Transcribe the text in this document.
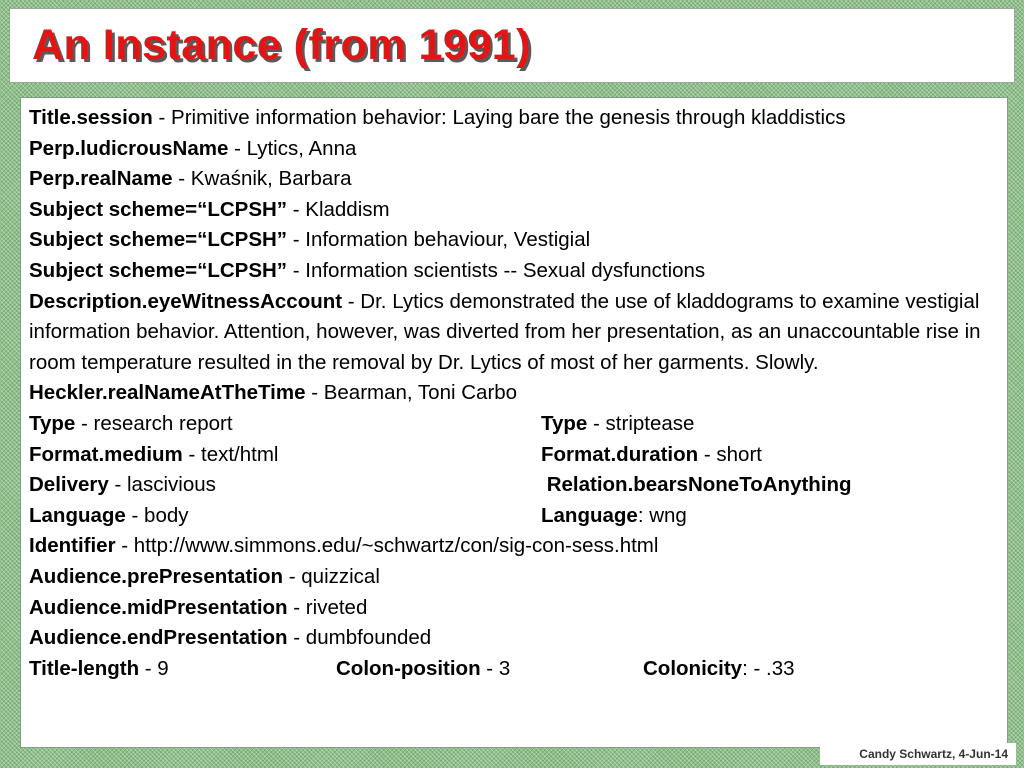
An Instance (from 1991)
Title.session - Primitive information behavior: Laying bare the genesis through kladdistics
Perp.ludicrousName - Lytics, Anna
Perp.realName - Kwaśnik, Barbara
Subject scheme=“LCPSH” - Kladdism
Subject scheme=“LCPSH” - Information behaviour, Vestigial
Subject scheme=“LCPSH” - Information scientists -- Sexual dysfunctions
Description.eyeWitnessAccount - Dr. Lytics demonstrated the use of kladdograms to examine vestigial information behavior. Attention, however, was diverted from her presentation, as an unaccountable rise in room temperature resulted in the removal by Dr. Lytics of most of her garments. Slowly.
Heckler.realNameAtTheTime - Bearman, Toni Carbo
Type - research report	Type - striptease
Format.medium - text/html	Format.duration - short
Delivery - lascivious	Relation.bearsNoneToAnything
Language - body	Language: wng
Identifier - http://www.simmons.edu/~schwartz/con/sig-con-sess.html
Audience.prePresentation - quizzical
Audience.midPresentation - riveted
Audience.endPresentation - dumbfounded
Title-length - 9	Colon-position - 3	Colonicity: - .33
Candy Schwartz, 4-Jun-14
